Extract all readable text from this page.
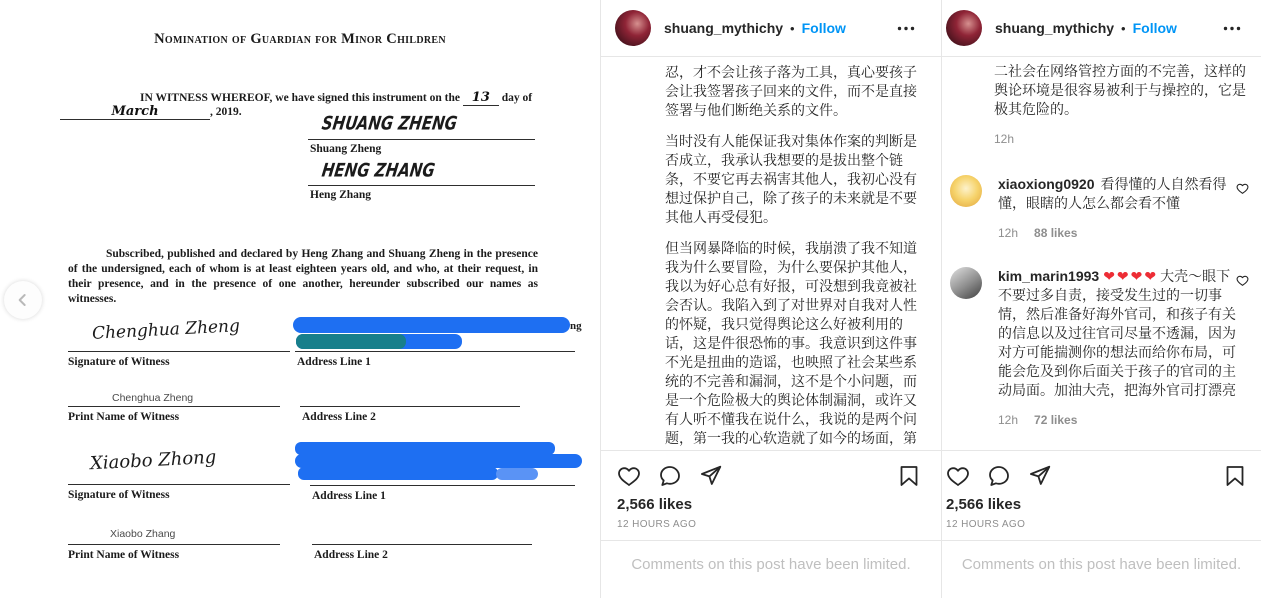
Nomination of Guardian for Minor Children
IN WITNESS WHEREOF, we have signed this instrument on the 13 day of
March	, 2019.	SHUANG ZHENG
Shuang Zheng
HENG ZHANG
Heng Zhang
Subscribed, published and declared by Heng Zhang and Shuang Zheng in the presence of the undersigned, each of whom is at least eighteen years old, and who, at their request, in their presence, and in the presence of one another, hereunder subscribed our names as witnesses.
Chenghua Zheng
Signature of Witness	Address Line 1
ng
Chenghua Zheng
Print Name of Witness	Address Line 2
Xiaobo Zhong
Signature of Witness	Address Line 1
Xiaobo Zhang
Print Name of Witness	Address Line 2
shuang_mythichy • Follow

忍，才不会让孩子落为工具，真心要孩子会让我签署孩子回来的文件，而不是直接签署与他们断绝关系的文件。

当时没有人能保证我对集体作案的判断是否成立，我承认我想要的是拔出整个链条，不要它再去祸害其他人，我初心没有想过保护自己，除了孩子的未来就是不要其他人再受侵犯。

但当网暴降临的时候，我崩溃了我不知道我为什么要冒险，为什么要保护其他人，我以为好心总有好报，可没想到我竟被社会否认。我陷入到了对世界对自我对人性的怀疑，我只觉得舆论这么好被利用的话，这是件很恐怖的事。我意识到这件事不光是扭曲的造谣，也映照了社会某些系统的不完善和漏洞，这不是个小问题，而是一个危险极大的舆论体制漏洞，或许又有人听不懂我在说什么，我说的是两个问题，第一我的心软造就了如今的场面，第

2,566 likes
12 HOURS AGO
Comments on this post have been limited.
shuang_mythichy • Follow
二社会在网络管控方面的不完善，这样的舆论环境是很容易被利于与操控的，它是极其危险的。
12h
xiaoxiong0920 看得懂的人自然看得懂，眼瞎的人怎么都会看不懂
12h 88 likes
kim_marin1993 ❤❤❤❤ 大壳～眼下不要过多自责，接受发生过的一切事情，然后准备好海外官司，和孩子有关的信息以及过往官司尽量不透漏，因为对方可能揣测你的想法而给你布局，可能会危及到你后面关于孩子的官司的主动局面。加油大壳，把海外官司打漂亮
12h 72 likes
2,566 likes
12 HOURS AGO
Comments on this post have been limited.
